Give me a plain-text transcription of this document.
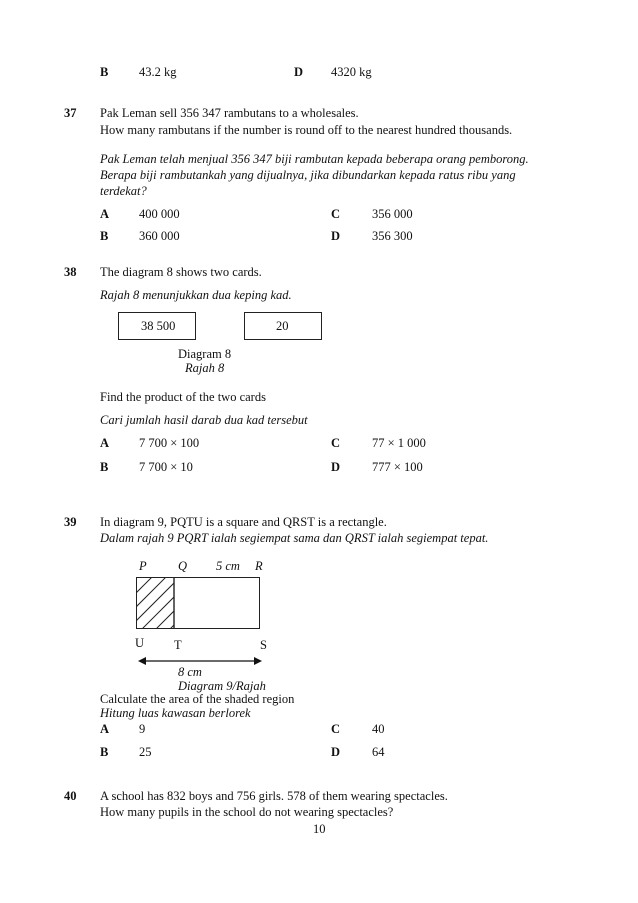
B 43.2 kg	D 4320 kg
37 Pak Leman sell 356 347 rambutans to a wholesales.
How many rambutans if the number is round off to the nearest hundred thousands.
Pak Leman telah menjual 356 347 biji rambutan kepada beberapa orang pemborong.
Berapa biji rambutankah yang dijualnya, jika dibundarkan kepada ratus ribu yang
terdekat?
A 400 000	C	356 000
B 360 000	D	356 300
38 The diagram 8 shows two cards.
Rajah 8 menunjukkan dua keping kad.
38 500	20
Diagram 8
Rajah 8
Find the product of the two cards
Cari jumlah hasil darab dua kad tersebut
A 7 700 × 100	C	77 × 1 000
B 7 700 × 10	D	777 × 100
39 In diagram 9, PQTU is a square and QRST is a rectangle.
Dalam rajah 9 PQRT ialah segiempat sama dan QRST ialah segiempat tepat.
P	Q 5 cm R
U T	S
8 cm
Diagram 9/Rajah
Calculate the area of the shaded region
Hitung luas kawasan berlorek
A 9	C	40
B 25	D	64
40 A school has 832 boys and 756 girls. 578 of them wearing spectacles.
How many pupils in the school do not wearing spectacles?
10
